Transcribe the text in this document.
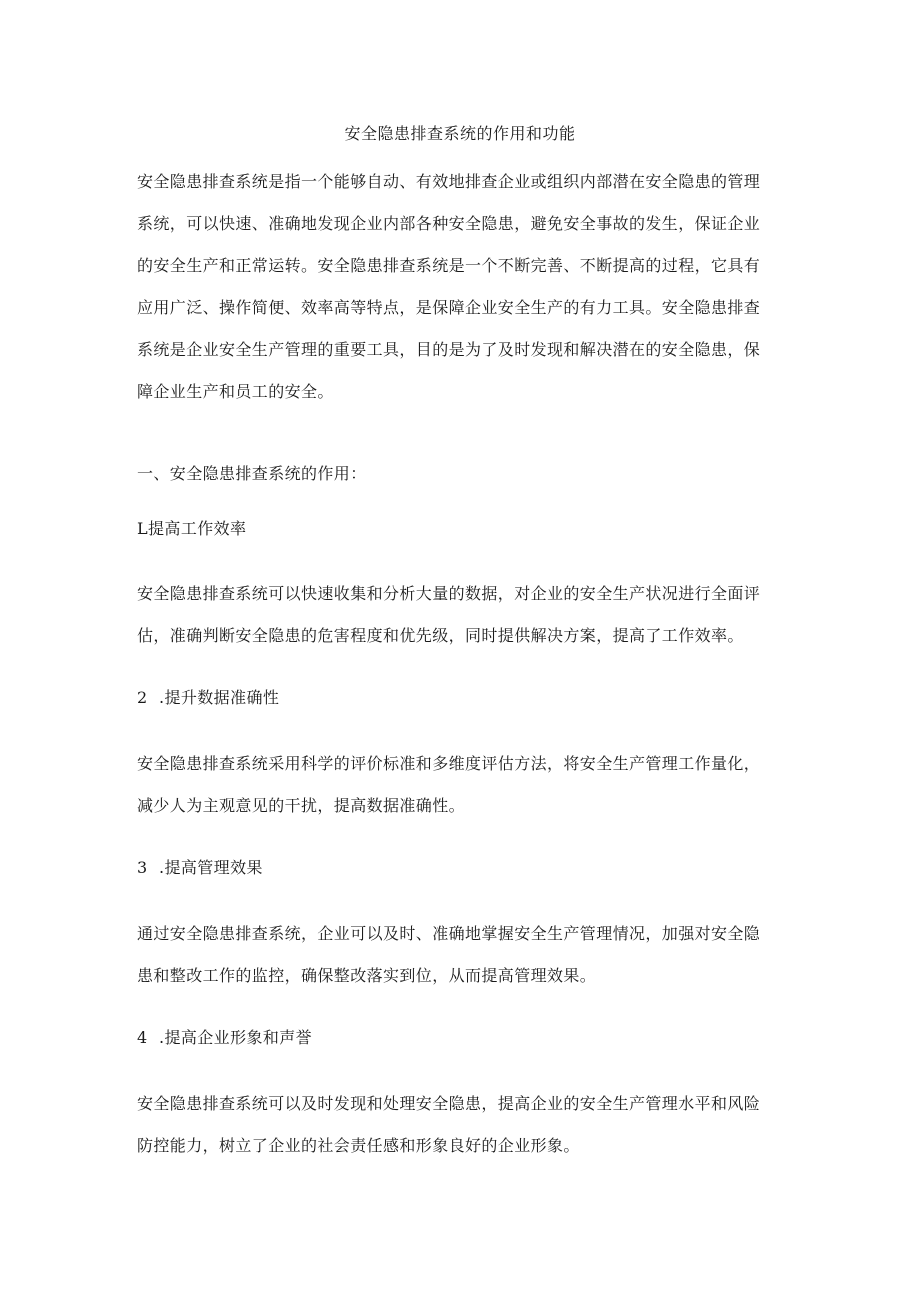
安全隐患排查系统的作用和功能
安全隐患排查系统是指一个能够自动、有效地排查企业或组织内部潜在安全隐患的管理
系统，可以快速、准确地发现企业内部各种安全隐患，避免安全事故的发生，保证企业
的安全生产和正常运转。安全隐患排查系统是一个不断完善、不断提高的过程，它具有
应用广泛、操作简便、效率高等特点，是保障企业安全生产的有力工具。安全隐患排查
系统是企业安全生产管理的重要工具，目的是为了及时发现和解决潜在的安全隐患，保
障企业生产和员工的安全。
一、安全隐患排查系统的作用：
L提高工作效率
安全隐患排查系统可以快速收集和分析大量的数据，对企业的安全生产状况进行全面评
估，准确判断安全隐患的危害程度和优先级，同时提供解决方案，提高了工作效率。
2 .提升数据准确性
安全隐患排查系统采用科学的评价标准和多维度评估方法，将安全生产管理工作量化，
减少人为主观意见的干扰，提高数据准确性。
3 .提高管理效果
通过安全隐患排查系统，企业可以及时、准确地掌握安全生产管理情况，加强对安全隐
患和整改工作的监控，确保整改落实到位，从而提高管理效果。
4 .提高企业形象和声誉
安全隐患排查系统可以及时发现和处理安全隐患，提高企业的安全生产管理水平和风险
防控能力，树立了企业的社会责任感和形象良好的企业形象。
